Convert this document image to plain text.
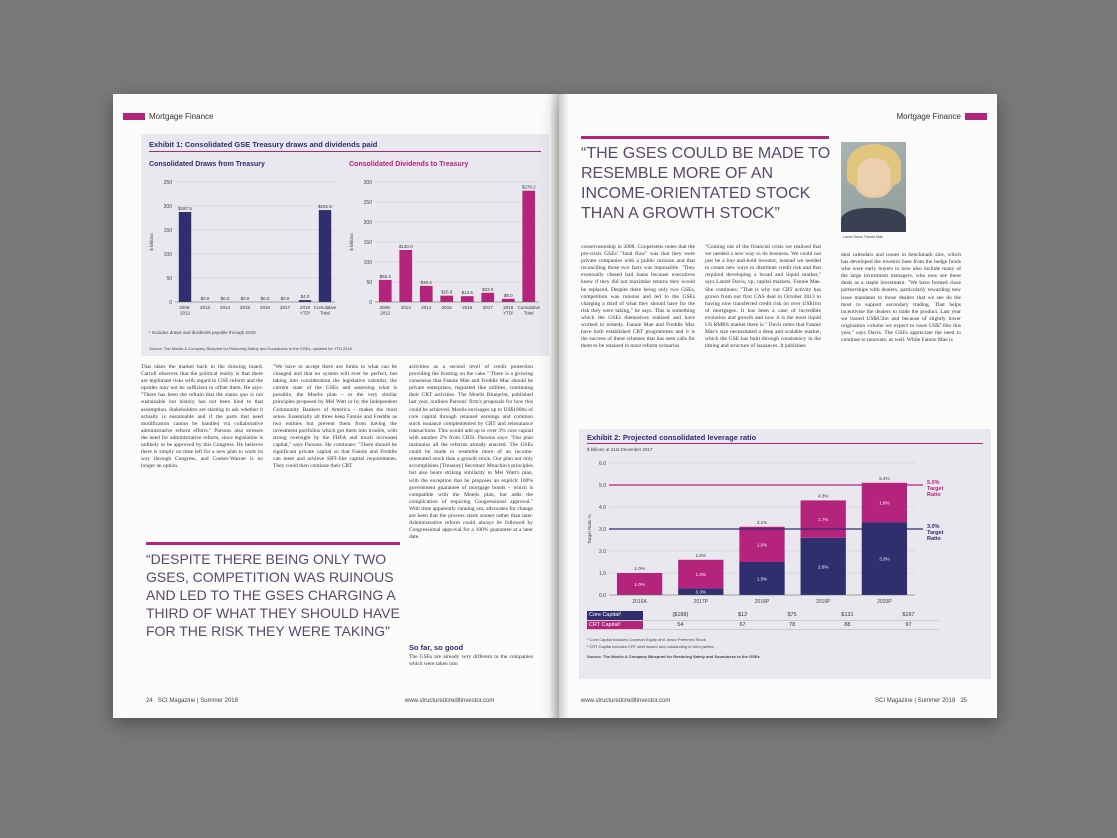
Mortgage Finance
Exhibit 1: Consolidated GSE Treasury draws and dividends paid
Consolidated Draws from Treasury
0
50
100
150
200
250
$ billions
$187.5
2008-
2012
$0.0
2013
$0.0
2014
$0.0
2015
$0.0
2016
$0.0
2017
$4.0
2018
YTD¹
$191.5
Cumulative
Total
Consolidated Dividends to Treasury
0
50
100
150
200
250
300
$ billions
$55.2
2008-
2012
$130.0
2013
$40.2
2014
$15.8
2015
$14.6
2016
$23.0
2017
$8.0
2018
YTD¹
$278.2
Cumulative
Total
¹ Includes draws and dividends payable through 2018
Source: The Moelis & Company Blueprint for Restoring Safety and Soundness to the GSEs, updated for YTD 2018
That takes the market back to the drawing board. Carroll observes that the political reality is that there are legitimate risks with regard to GSE reform and the upsides may not be sufficient to offset them. He says: "There has been the refrain that the status quo is not sustainable but history has not been kind to that assumption. Stakeholders are starting to ask whether it actually is sustainable and if the parts that need modification cannot be handled via collaborative administrative reform efforts." Parsons also stresses the need for administrative reform, since legislation is unlikely to be approved by this Congress. He believes there is simply no time left for a new plan to work its way through Congress, and Coeker-Warner is no longer an option.
"We have to accept there are limits to what can be changed and that no system will ever be perfect, but taking into consideration the legislative calendar, the current state of the GSEs and assessing what is possible, the Moelis plan – or the very similar principles proposed by Mel Watt or by the Independent Community Bankers of America – makes the most sense. Essentially all three keep Fannie and Freddie as two entities but prevent them from having the investment portfolios which got them into trouble, with strong oversight by the FHFA and much increased capital," says Parsons. He continues: "There should be significant private capital so that Fannie and Freddie can meet and achieve SIFI-like capital requirements. They could then continue their CRT
activities as a second level of credit protection providing the frosting on the cake." There is a growing consensus that Fannie Mae and Freddie Mac should be private enterprises, regulated like utilities, continuing their CRT activities. The Moelis Blueprint, published last year, outlines Parsons' firm's proposals for how this could be achieved. Moelis envisages up to US$180bn of core capital through retained earnings and common stock issuance complemented by CRT and reinsurance transactions. This would add up to over 3% core capital with another 2% from CRTs. Parsons says: "Our plan maintains all the reforms already enacted. The GSEs could be made to resemble more of an income-orientated stock than a growth stock. Our plan not only accomplishes [Treasury] Secretary Mnuchin's principles but also bears striking similarity to Mel Watt's plan, with the exception that he proposes an explicit 100% government guarantee of mortgage bonds – which is compatible with the Moelis plan, but adds the complication of requiring Congressional approval." With time apparently running out, advocates for change are keen that the process starts sooner rather than later. Administrative reform could always be followed by Congressional approval for a 100% guarantee at a later date.
So far, so good
The GSEs are already very different to the companies which were taken into
“DESPITE THERE BEING ONLY TWO GSES, COMPETITION WAS RUINOUS AND LED TO THE GSES CHARGING A THIRD OF WHAT THEY SHOULD HAVE FOR THE RISK THEY WERE TAKING”
24 SCI Magazine | Summer 2018	www.structuredcreditinvestor.com
Mortgage Finance
“THE GSES COULD BE MADE TO RESEMBLE MORE OF AN INCOME-ORIENTATED STOCK THAN A GROWTH STOCK”
Laurel Davis, Fannie Mae
conservatorship in 2008. Coopersteis notes that the pre-crisis GSEs' "fatal flaw" was that they were private companies with a public mission and that reconciling those two facts was impossible. "They eventually chased bad loans because executives knew if they did not maximise returns they would be replaced. Despite there being only two GSEs, competition was ruinous and led to the GSEs charging a third of what they should have for the risk they were taking," he says. This is something which the GSEs themselves realised and have worked to remedy. Fannie Mae and Freddie Mac have both established CRT programmes and it is the success of these schemes that has seen calls for them to be retained in most reform scenarios.
"Coming out of the financial crisis we realised that we needed a new way to do business. We could not just be a buy-and-hold investor, instead we needed to create new ways to distribute credit risk and that required developing a broad and liquid market," says Laurel Davis, vp, capital markets, Fannie Mae. She continues: "That is why our CRT activity has grown from our first CAS deal in October 2013 to having now transferred credit risk on over US$1trn of mortgages. It has been a case of incredible evolution and growth and now it is the most liquid US RMBS market there is." Davis notes that Fannie Mae's size necessitated a deep and scalable market, which the GSE has built through consistency in the timing and structure of issuances. It publishes
deal calendars and issues in benchmark size, which has developed the investor base from the hedge funds who were early buyers to now also include many of the large investment managers, who now see these deals as a staple investment. "We have formed close partnerships with dealers, particularly rewarding new issue mandates to those dealers that we see do the most to support secondary trading. That helps incentivise the dealers to trade the product. Last year we issued US$8.5bn and because of slightly lower origination volume we expect to issue US$7.6bn this year," says Davis. The GSEs appreciate the need to continue to innovate, as well. While Fannie Mae is
Exhibit 2: Projected consolidated leverage ratio
$ billions at 31st December 2017
0.0
1.0
2.0
3.0
4.0
5.0
6.0
Target Ratio %
1.0%
1.0%
2016A
0.3%
1.3%
1.6%
2017P
1.5%
1.6%
3.1%
2018P
2.6%
1.7%
4.3%
2019P
3.3%
1.8%
5.1%
2020P
5.0%
Target
Ratio
3.0%
Target
Ratio
Core Capital¹	($188)	$12	$75	$131	$167
CRT Capital²	54	67	78	88	97
¹ Core Capital includes Common Equity and Junior Preferred Stock
² CRT Capital includes CRT debt issued and outstanding to third parties
Source: The Moelis & Company Blueprint for Restoring Safety and Soundness to the GSEs
www.structuredcreditinvestor.com	SCI Magazine | Summer 2018 25
